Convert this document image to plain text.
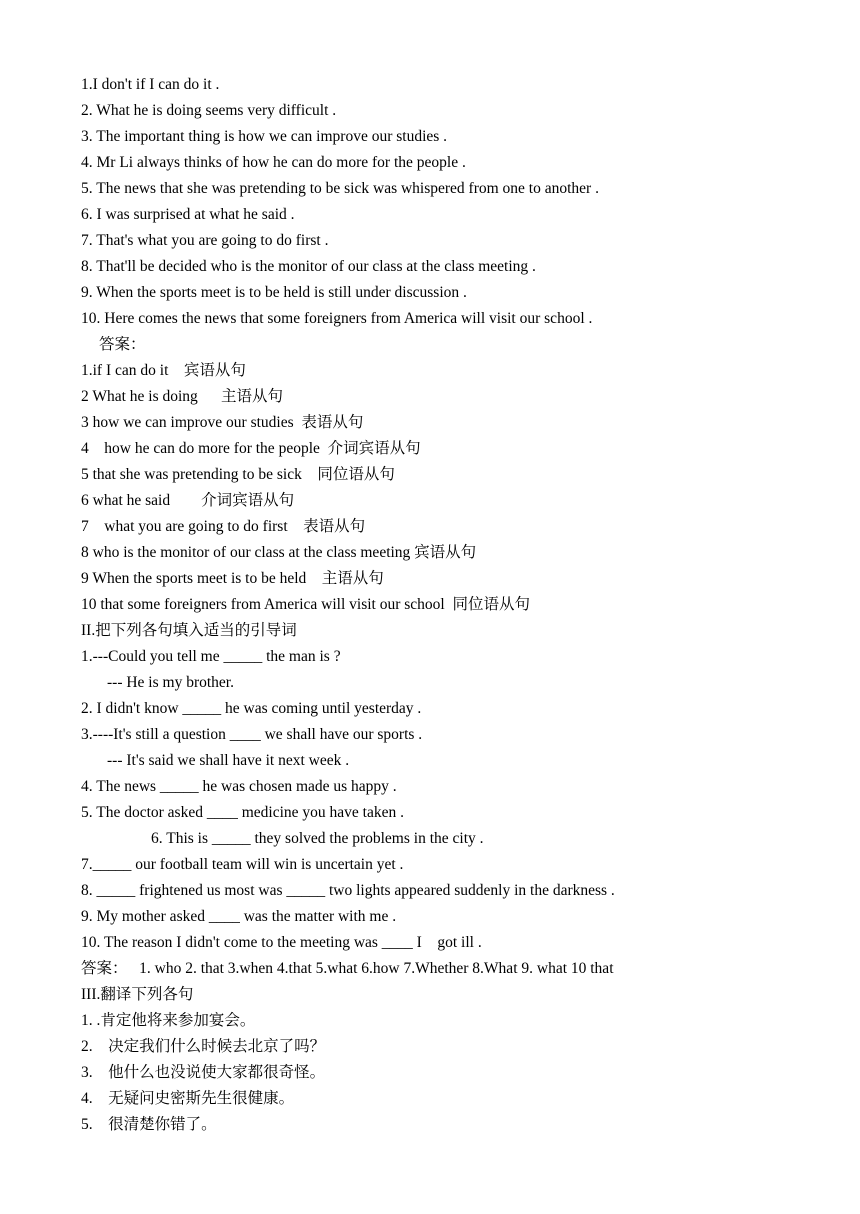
1.I don't if I can do it .
2. What he is doing seems very difficult .
3. The important thing is how we can improve our studies .
4. Mr Li always thinks of how he can do more for the people .
5. The news that she was pretending to be sick was whispered from one to another .
6. I was surprised at what he said .
7. That's what you are going to do first .
8. That'll be decided who is the monitor of our class at the class meeting .
9. When the sports meet is to be held is still under discussion .
10. Here comes the news that some foreigners from America will visit our school .
答案：
1.if I can do it    宾语从句
2 What he is doing      主语从句
3 how we can improve our studies  表语从句
4    how he can do more for the people  介词宾语从句
5 that she was pretending to be sick    同位语从句
6 what he said        介词宾语从句
7    what you are going to do first    表语从句
8 who is the monitor of our class at the class meeting 宾语从句
9 When the sports meet is to be held    主语从句
10 that some foreigners from America will visit our school  同位语从句
II.把下列各句填入适当的引导词
1.---Could you tell me _____ the man is ?
--- He is my brother.
2. I didn't know _____ he was coming until yesterday .
3.----It's still a question ____ we shall have our sports .
--- It's said we shall have it next week .
4. The news _____ he was chosen made us happy .
5. The doctor asked ____ medicine you have taken .
6. This is _____ they solved the problems in the city .
7._____ our football team will win is uncertain yet .
8. _____ frightened us most was _____ two lights appeared suddenly in the darkness .
9. My mother asked ____ was the matter with me .
10. The reason I didn't come to the meeting was ____ I    got ill .
答案：   1. who 2. that 3.when 4.that 5.what 6.how 7.Whether 8.What 9. what 10 that
III.翻译下列各句
1. .肯定他将来参加宴会。
2.    决定我们什么时候去北京了吗？
3.    他什么也没说使大家都很奇怪。
4.    无疑问史密斯先生很健康。
5.    很清楚你错了。
